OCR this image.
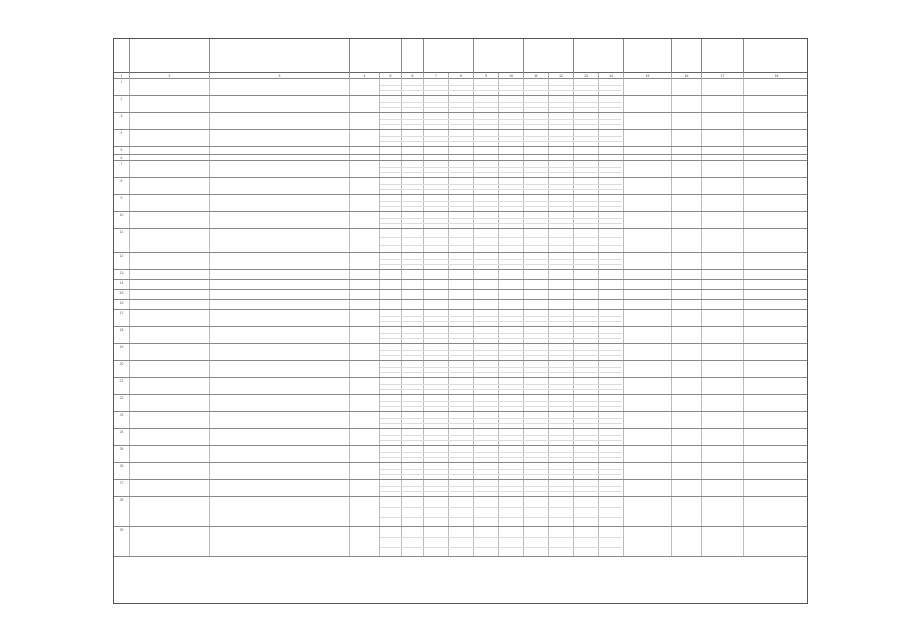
1	2	3	4	5	6	7	8	9	10	11	12	13	14	15	16	17	18
1
2
3
4
5
6
7
8
9
10
11
12
13
14
15
16
17
18
19
20
21
22
23
24
25
26
27
28
29
